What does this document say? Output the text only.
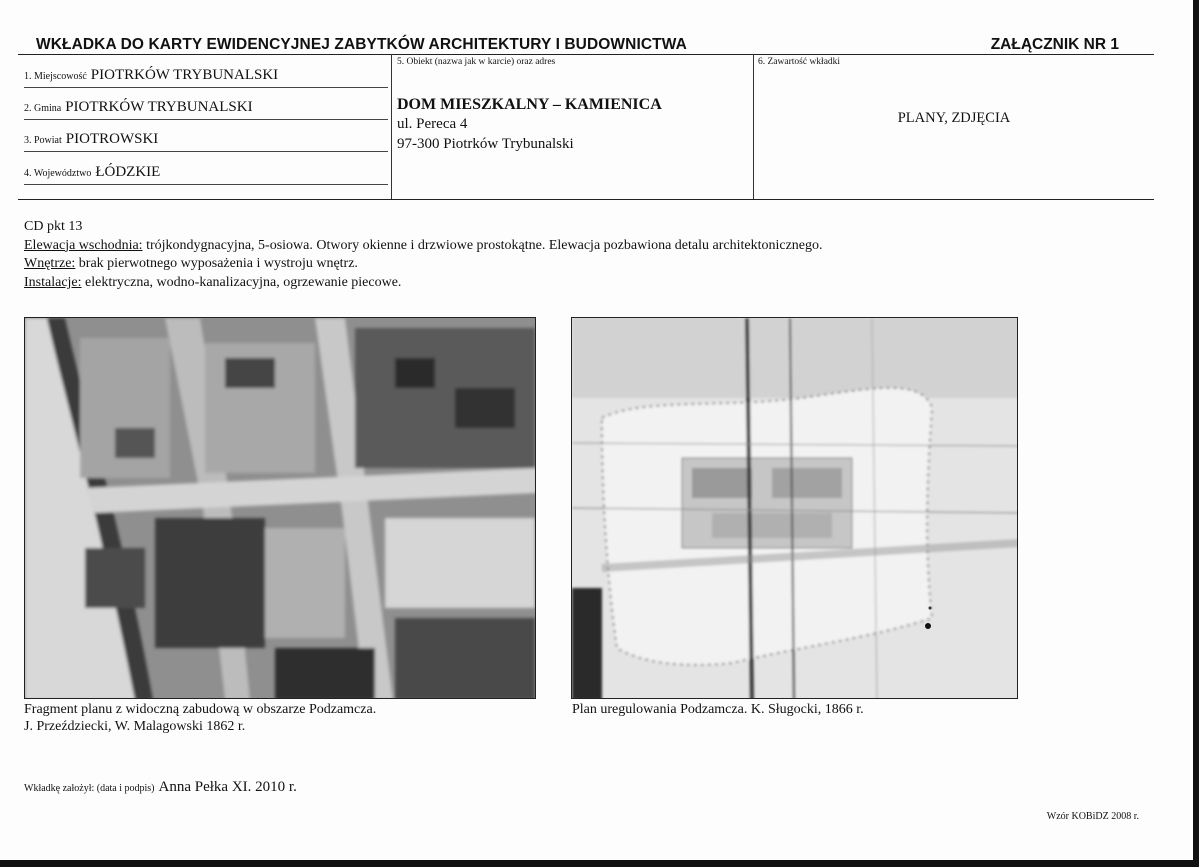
WKŁADKA DO KARTY EWIDENCYJNEJ ZABYTKÓW ARCHITEKTURY I BUDOWNICTWA	ZAŁĄCZNIK NR 1
1. Miejscowość PIOTRKÓW TRYBUNALSKI
2. Gmina PIOTRKÓW TRYBUNALSKI
3. Powiat PIOTROWSKI
4. Województwo ŁÓDZKIE
5. Obiekt (nazwa jak w karcie) oraz adres
DOM MIESZKALNY – KAMIENICA
ul. Pereca 4
97-300 Piotrków Trybunalski
6. Zawartość wkładki
PLANY, ZDJĘCIA
CD pkt 13
Elewacja wschodnia: trójkondygnacyjna, 5-osiowa. Otwory okienne i drzwiowe prostokątne. Elewacja pozbawiona detalu architektonicznego.
Wnętrze: brak pierwotnego wyposażenia i wystroju wnętrz.
Instalacje: elektryczna, wodno-kanalizacyjna, ogrzewanie piecowe.
Fragment planu z widoczną zabudową w obszarze Podzamcza.
J. Przeździecki, W. Malagowski 1862 r.
Plan uregulowania Podzamcza. K. Sługocki, 1866 r.
Wkładkę założył: (data i podpis) Anna Pełka XI. 2010 r.
Wzór KOBiDZ 2008 r.
